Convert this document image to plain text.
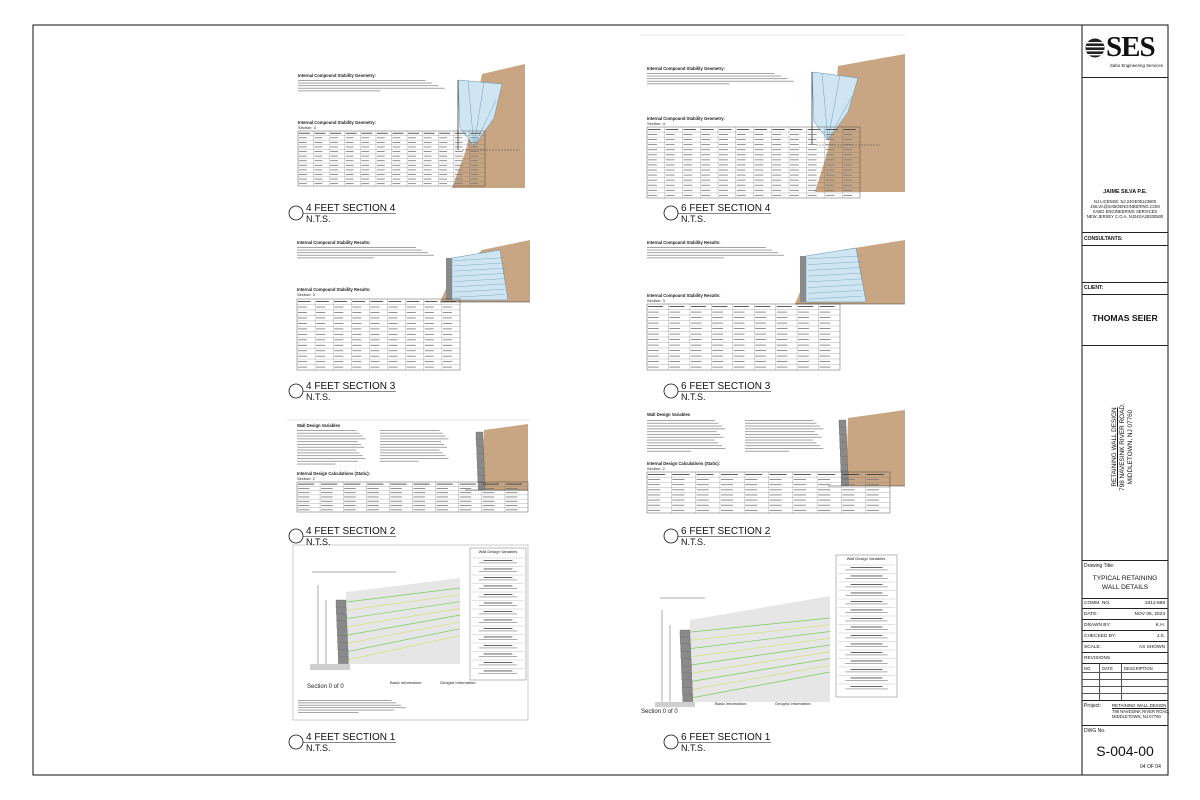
Internal Compound Stability Geometry:
Internal Compound Stability Geometry:
Section: 4
Internal Compound Stability Geometry:
Internal Compound Stability Geometry:
Section: 4
Internal Compound Stability Results:
Internal Compound Stability Results:
Section: 3
Internal Compound Stability Results:
Internal Compound Stability Results:
Section: 3
Wall Design Variables
Internal Design Calculations (Static):
Section: 2
Wall Design Variables
Internal Design Calculations (Static):
Section: 2
Wall Design Variables
Section 0 of 0
Basic Information:	Geogrid Information:
Wall Design Variables
Section 0 of 0
Basic Information:	Geogrid Information:
4 FEET SECTION 4
N.T.S.
6 FEET SECTION 4
N.T.S.
4 FEET SECTION 3
N.T.S.
6 FEET SECTION 3
N.T.S.
4 FEET SECTION 2
N.T.S.
6 FEET SECTION 2
N.T.S.
4 FEET SECTION 1
N.T.S.
6 FEET SECTION 1
N.T.S.
SES
Sabo Engineering Services
JAIME SILVA P.E.
NJ LICENSE: NJ 24GE05123600
JSILVA@SABOENGINEERING.COM
SABO ENGINEERING SERVICES
NEW JERSEY C.O.A. NJ24GA28330500
CONSULTANTS:
CLIENT:
THOMAS SEIER
RETAINING WALL DESIGN 798 NAVESINK RIVER ROAD, MIDDLETOWN, NJ 07760
Drawing Title:
TYPICAL RETAINING
WALL DETAILS
COMM. NO.	2411-668
DATE:	NOV 05, 2024
DRAWN BY:	K.H.
CHECKED BY:	J.S.
SCALE:	AS SHOWN
REVISIONS
NO.	DATE	DESCRIPTION
Project:	RETAINING WALL DESIGN
798 NAVESINK RIVER ROAD,
MIDDLETOWN, NJ 07760
DWG No.
S-004-00
04 OF 04
